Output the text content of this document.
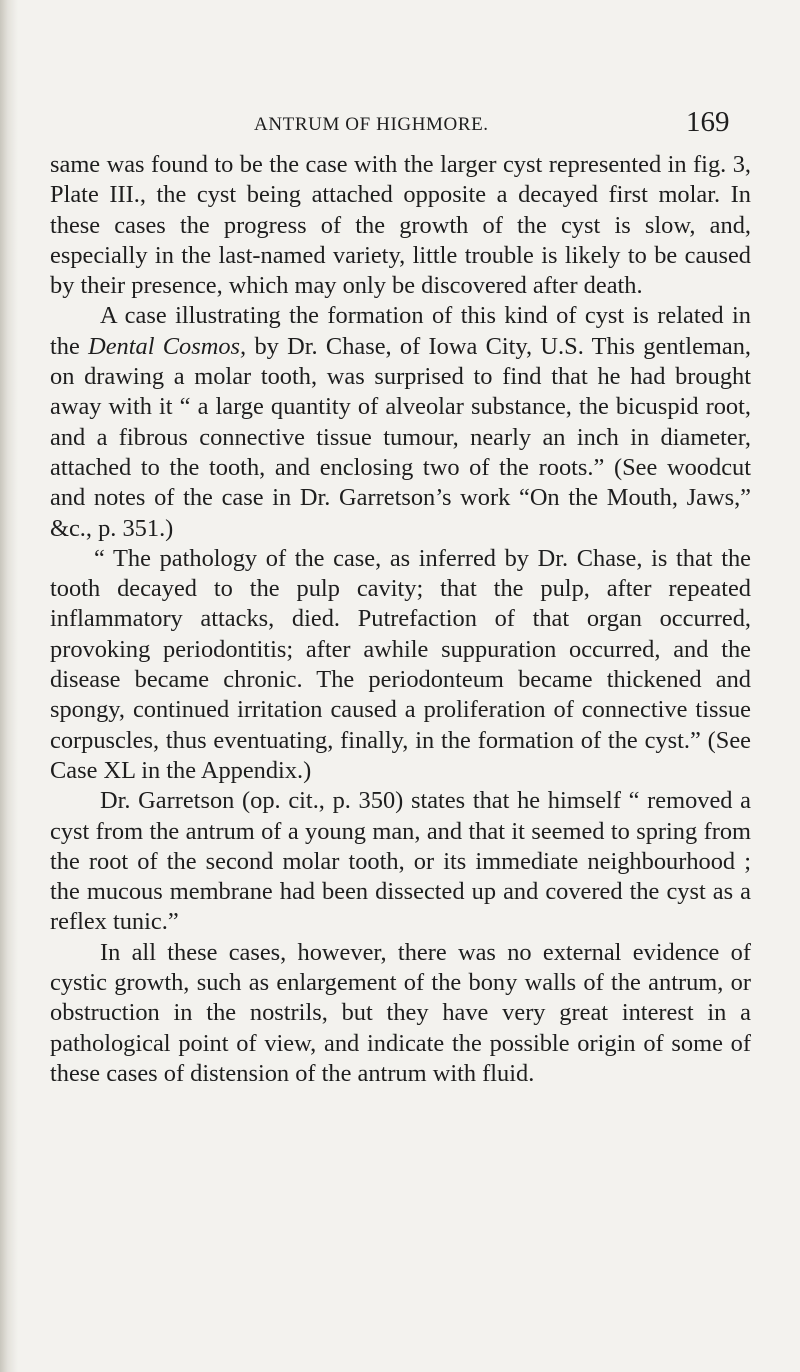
ANTRUM OF HIGHMORE.	169

same was found to be the case with the larger cyst represented in fig. 3, Plate III., the cyst being attached opposite a decayed first molar. In these cases the progress of the growth of the cyst is slow, and, especially in the last-named variety, little trouble is likely to be caused by their presence, which may only be discovered after death.

A case illustrating the formation of this kind of cyst is related in the Dental Cosmos, by Dr. Chase, of Iowa City, U.S. This gentleman, on drawing a molar tooth, was surprised to find that he had brought away with it “ a large quantity of alveolar substance, the bicuspid root, and a fibrous connective tissue tumour, nearly an inch in diameter, attached to the tooth, and enclosing two of the roots.” (See woodcut and notes of the case in Dr. Garretson’s work “On the Mouth, Jaws,” &c., p. 351.)

“ The pathology of the case, as inferred by Dr. Chase, is that the tooth decayed to the pulp cavity; that the pulp, after repeated inflammatory attacks, died. Putrefaction of that organ occurred, provoking periodontitis; after awhile suppuration occurred, and the disease became chronic. The periodonteum became thickened and spongy, continued irritation caused a proliferation of connective tissue corpuscles, thus eventuating, finally, in the formation of the cyst.” (See Case XL in the Appendix.)

Dr. Garretson (op. cit., p. 350) states that he himself “ removed a cyst from the antrum of a young man, and that it seemed to spring from the root of the second molar tooth, or its immediate neighbourhood ; the mucous membrane had been dissected up and covered the cyst as a reflex tunic.”

In all these cases, however, there was no external evidence of cystic growth, such as enlargement of the bony walls of the antrum, or obstruction in the nostrils, but they have very great interest in a pathological point of view, and indicate the possible origin of some of these cases of distension of the antrum with fluid.
